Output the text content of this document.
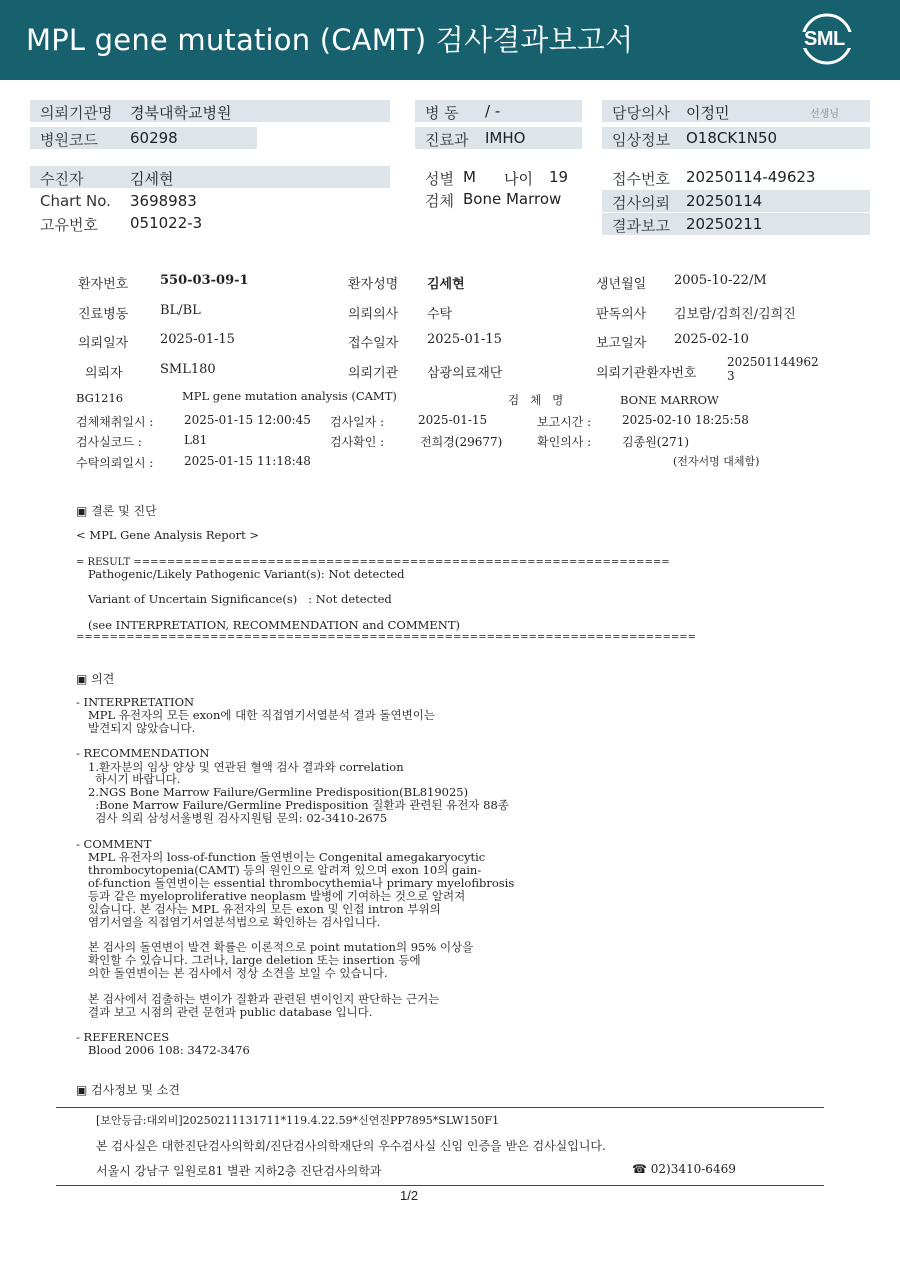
MPL gene mutation (CAMT) 검사결과보고서	SML
의뢰기관명 경북대학교병원	병 동 / -	담당의사 이정민	선생님
병원코드 60298	진료과 IMHO	임상정보 O18CK1N50
수진자	김세현	성별 M 나이 19	접수번호 20250114-49623
Chart No. 3698983	검체 Bone Marrow	검사의뢰 20250114
고유번호 051022-3	결과보고 20250211
환자번호 550-03-09-1	환자성명 김세현	생년월일 2005-10-22/M
진료병동 BL/BL	의뢰의사 수탁	판독의사 김보람/김희진/김희진
의뢰일자 2025-01-15	접수일자 2025-01-15	보고일자 2025-02-10
의뢰자	SML180	의뢰기관 삼광의료재단	의뢰기관환자번호
202501144962
3
BG1216	MPL gene mutation analysis (CAMT)	검   체   명	BONE MARROW
검체채취일시 :	2025-01-15 12:00:45 검사일자 :	2025-01-15	보고시간 :	2025-02-10 18:25:58
검사실코드 :	L81	검사확인 :	전희경(29677)	확인의사 :	김종원(271)
수탁의뢰일시 :	2025-01-15 11:18:48	(전자서명 대체함)
▣ 결론 및 진단
< MPL Gene Analysis Report >
= RESULT ================================================================
Pathogenic/Likely Pathogenic Variant(s): Not detected
Variant of Uncertain Significance(s)   : Not detected
(see INTERPRETATION, RECOMMENDATION and COMMENT)
==========================================================================
▣ 의견
- INTERPRETATION
MPL 유전자의 모든 exon에 대한 직접염기서열분석 결과 돌연변이는
발견되지 않았습니다.
- RECOMMENDATION
1.환자분의 임상 양상 및 연관된 혈액 검사 결과와 correlation
하시기 바랍니다.
2.NGS Bone Marrow Failure/Germline Predisposition(BL819025)
:Bone Marrow Failure/Germline Predisposition 질환과 관련된 유전자 88종
검사 의뢰 삼성서울병원 검사지원팀 문의: 02-3410-2675
- COMMENT
MPL 유전자의 loss-of-function 돌연변이는 Congenital amegakaryocytic
thrombocytopenia(CAMT) 등의 원인으로 알려져 있으며 exon 10의 gain-
of-function 돌연변이는 essential thrombocythemia나 primary myelofibrosis
등과 같은 myeloproliferative neoplasm 발병에 기여하는 것으로 알려져
있습니다. 본 검사는 MPL 유전자의 모든 exon 및 인접 intron 부위의
염기서열을 직접염기서열분석법으로 확인하는 검사입니다.
본 검사의 돌연변이 발견 확률은 이론적으로 point mutation의 95% 이상을
확인할 수 있습니다. 그러나, large deletion 또는 insertion 등에
의한 돌연변이는 본 검사에서 정상 소견을 보일 수 있습니다.
본 검사에서 검출하는 변이가 질환과 관련된 변이인지 판단하는 근거는
결과 보고 시점의 관련 문헌과 public database 입니다.
- REFERENCES
Blood 2006 108: 3472-3476
▣ 검사정보 및 소견
[보안등급:대외비]20250211131711*119.4.22.59*신연진PP7895*SLW150F1
본 검사실은 대한진단검사의학회/진단검사의학재단의 우수검사실 신임 인증을 받은 검사실입니다.
서울시 강남구 일원로81 별관 지하2층 진단검사의학과	☎ 02)3410-6469
1/2
